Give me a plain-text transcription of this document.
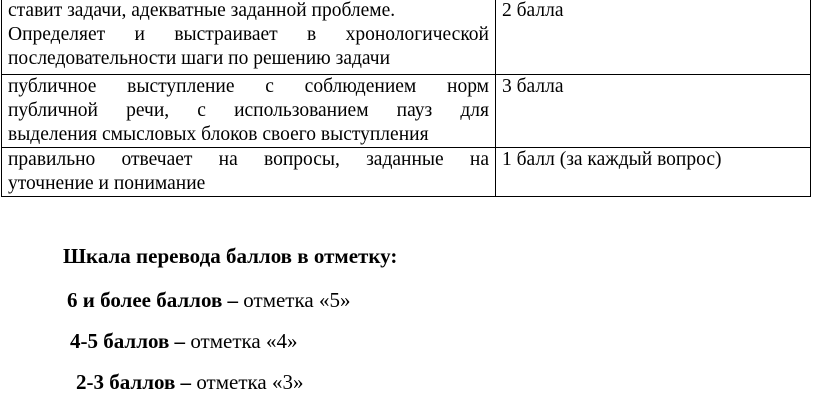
ставит задачи, адекватные заданной проблеме.
Определяет и выстраивает в хронологической
последовательности шаги по решению задачи	2 балла

публичное выступление с соблюдением норм
публичной речи, с использованием пауз для
выделения смысловых блоков своего выступления	3 балла

правильно отвечает на вопросы, заданные на
уточнение и понимание	1 балл (за каждый вопрос)
Шкала перевода баллов в отметку:
6 и более баллов – отметка «5»
4-5 баллов – отметка «4»
2-3 баллов – отметка «3»
